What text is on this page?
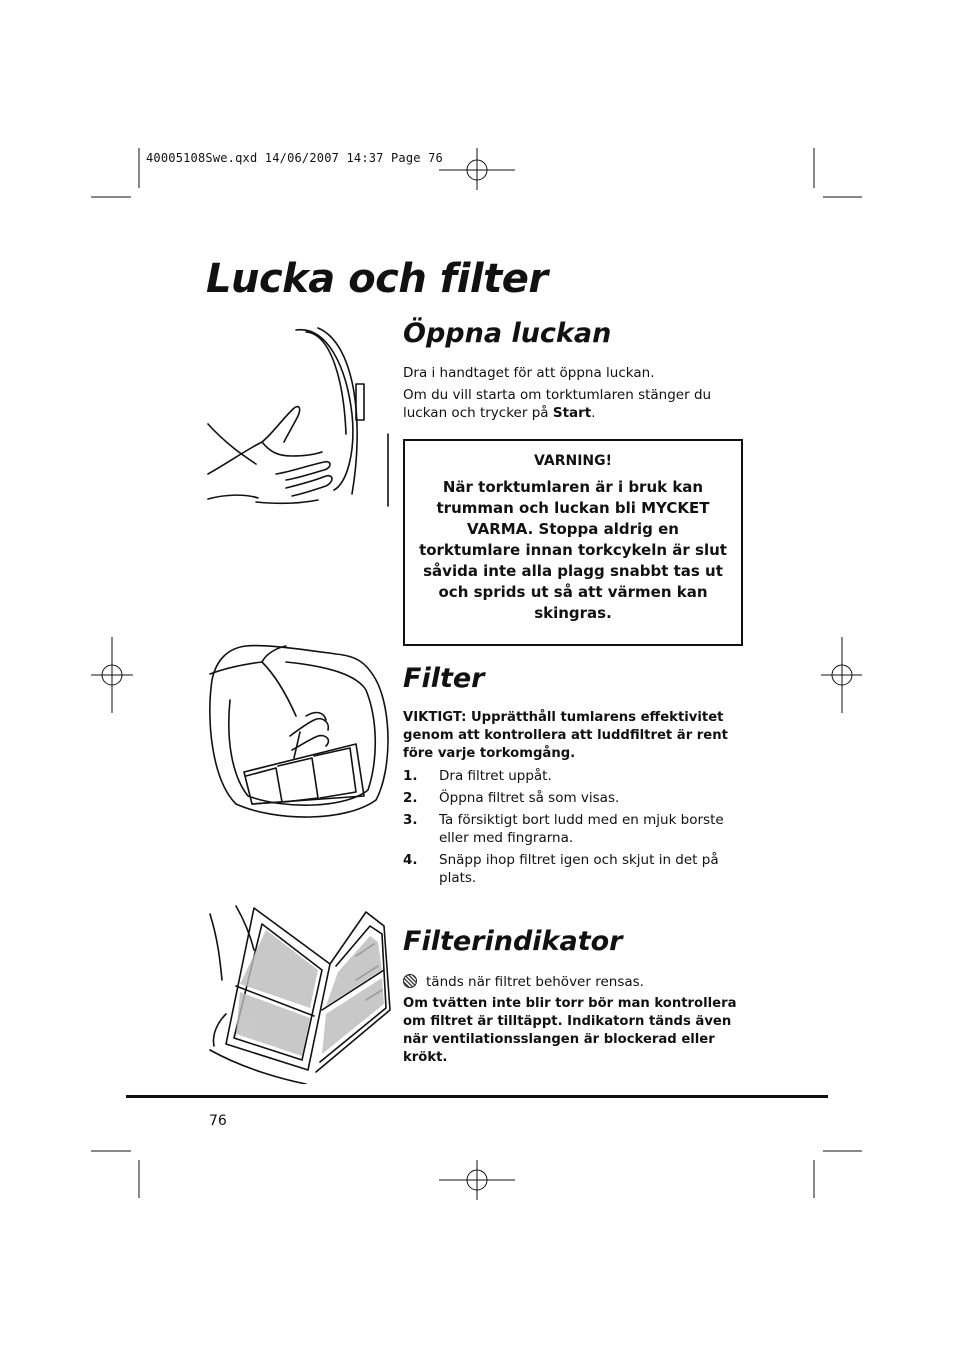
40005108Swe.qxd 14/06/2007 14:37 Page 76
Lucka och filter
Öppna luckan
Dra i handtaget för att öppna luckan.
Om du vill starta om torktumlaren stänger du luckan och trycker på Start.
VARNING!
När torktumlaren är i bruk kan trumman och luckan bli MYCKET VARMA. Stoppa aldrig en torktumlare innan torkcykeln är slut såvida inte alla plagg snabbt tas ut och sprids ut så att värmen kan skingras.
Filter
VIKTIGT: Upprätthåll tumlarens effektivitet genom att kontrollera att luddfiltret är rent före varje torkomgång.
1. Dra filtret uppåt.
2. Öppna filtret så som visas.
3. Ta försiktigt bort ludd med en mjuk borste eller med fingrarna.
4. Snäpp ihop filtret igen och skjut in det på plats.
Filterindikator
tänds när filtret behöver rensas.
Om tvätten inte blir torr bör man kontrollera om filtret är tilltäppt. Indikatorn tänds även när ventilationsslangen är blockerad eller krökt.
76
